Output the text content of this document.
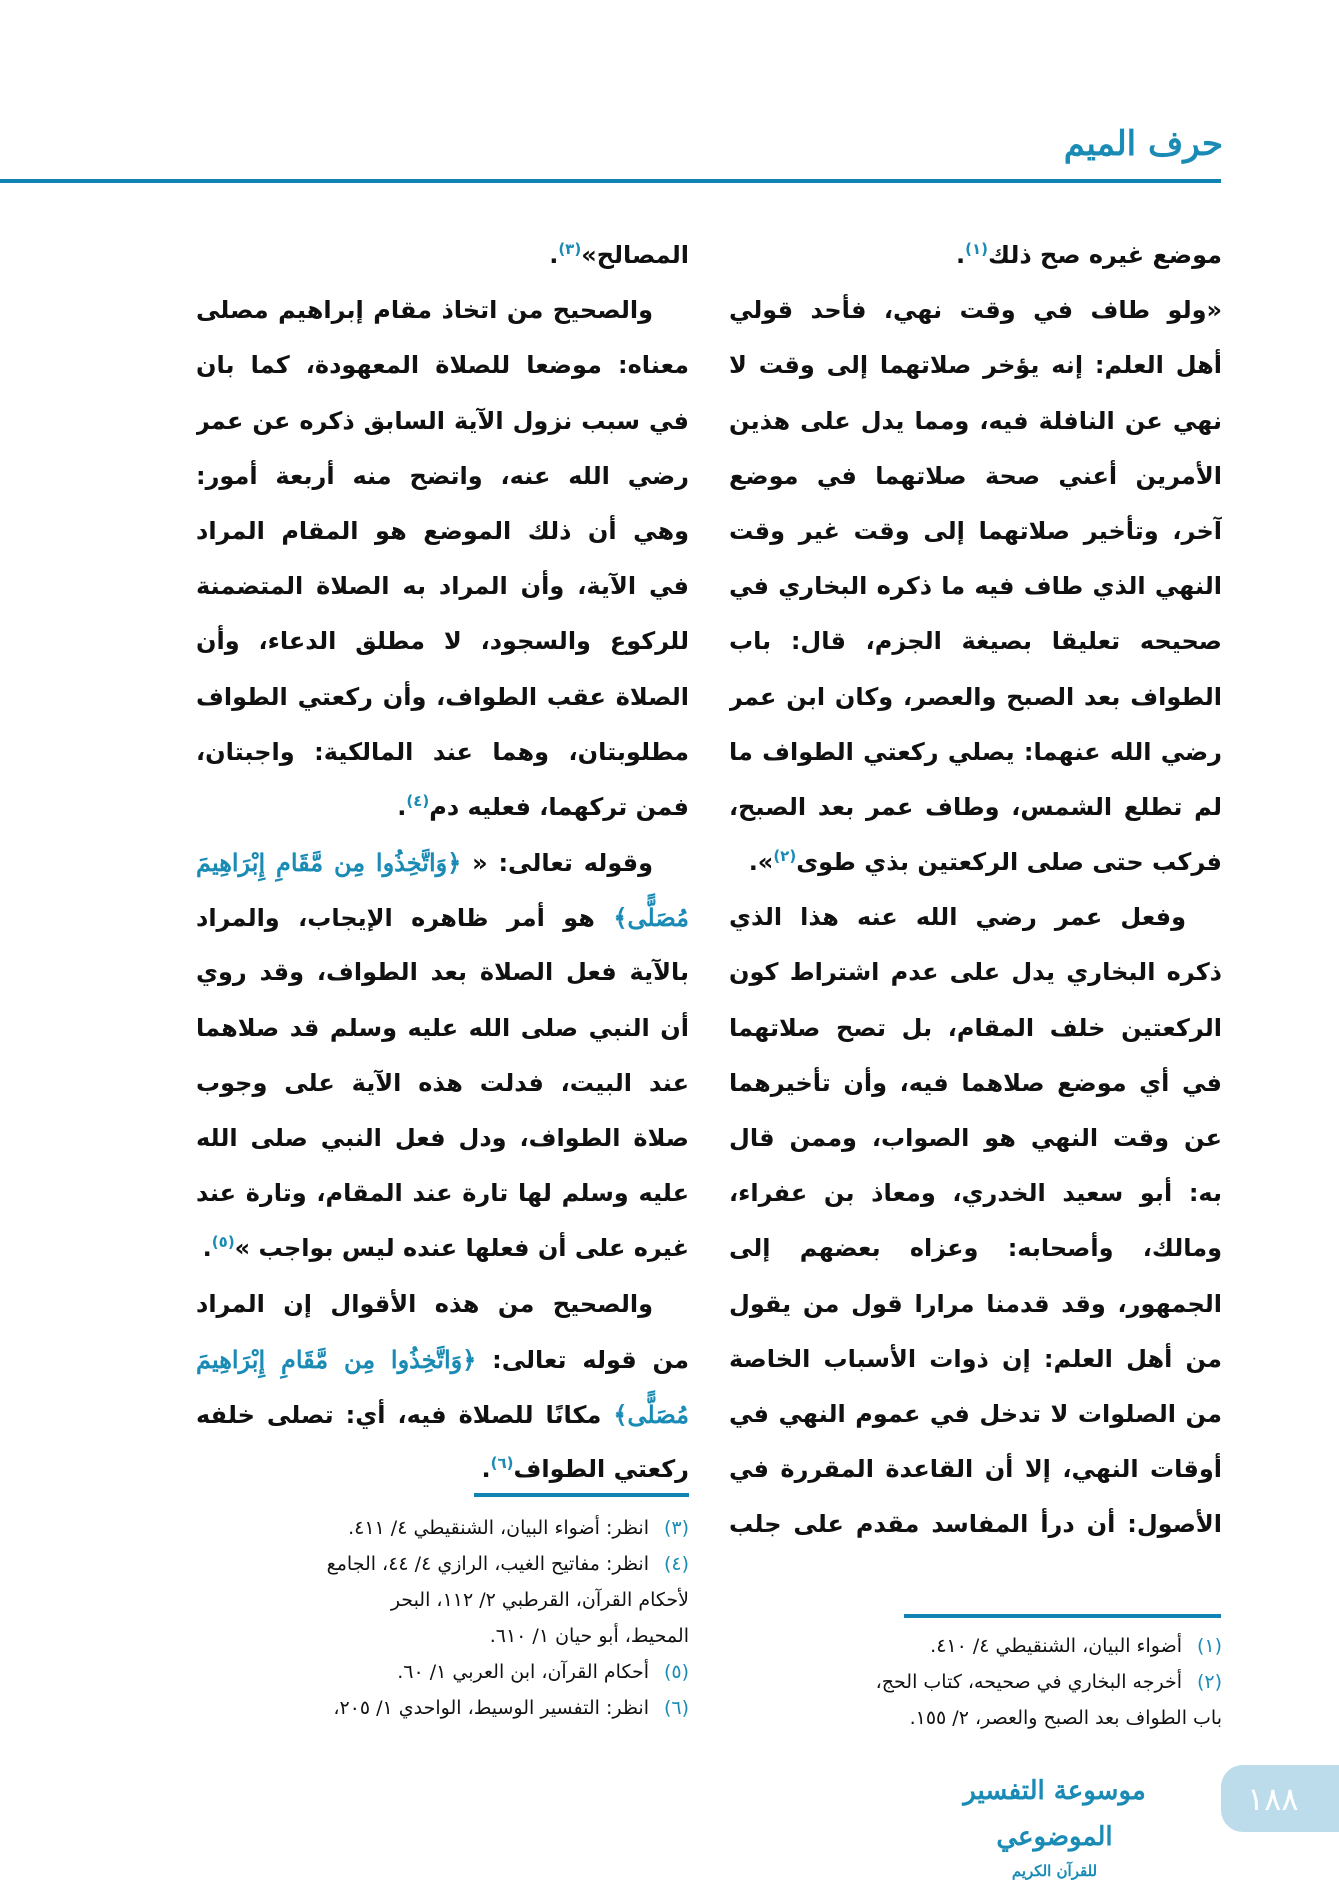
حرف الميم
موضع غيره صح ذلك$^{(١)}$.
«ولو طاف في وقت نهي، فأحد قولي
أهل العلم: إنه يؤخر صلاتهما إلى وقت لا
نهي عن النافلة فيه، ومما يدل على هذين
الأمرين أعني صحة صلاتهما في موضع
آخر، وتأخير صلاتهما إلى وقت غير وقت
النهي الذي طاف فيه ما ذكره البخاري في
صحيحه تعليقا بصيغة الجزم، قال: باب
الطواف بعد الصبح والعصر، وكان ابن عمر
رضي الله عنهما: يصلي ركعتي الطواف ما
لم تطلع الشمس، وطاف عمر بعد الصبح،
فركب حتى صلى الركعتين بذي طوى$^{(٢)}$».
وفعل عمر رضي الله عنه هذا الذي
ذكره البخاري يدل على عدم اشتراط كون
الركعتين خلف المقام، بل تصح صلاتهما
في أي موضع صلاهما فيه، وأن تأخيرهما
عن وقت النهي هو الصواب، وممن قال
به: أبو سعيد الخدري، ومعاذ بن عفراء،
ومالك، وأصحابه: وعزاه بعضهم إلى
الجمهور، وقد قدمنا مرارا قول من يقول
من أهل العلم: إن ذوات الأسباب الخاصة
من الصلوات لا تدخل في عموم النهي في
أوقات النهي، إلا أن القاعدة المقررة في
الأصول: أن درأ المفاسد مقدم على جلب
المصالح»$^{(٣)}$.
والصحيح من اتخاذ مقام إبراهيم مصلى
معناه: موضعا للصلاة المعهودة، كما بان
في سبب نزول الآية السابق ذكره عن عمر
رضي الله عنه، واتضح منه أربعة أمور:
وهي أن ذلك الموضع هو المقام المراد
في الآية، وأن المراد به الصلاة المتضمنة
للركوع والسجود، لا مطلق الدعاء، وأن
الصلاة عقب الطواف، وأن ركعتي الطواف
مطلوبتان، وهما عند المالكية: واجبتان،
فمن تركهما، فعليه دم$^{(٤)}$.
وقوله تعالى: « ﴿وَاتَّخِذُوا مِن مَّقَامِ إِبْرَاهِيمَ
مُصَلًّى﴾ هو أمر ظاهره الإيجاب، والمراد
بالآية فعل الصلاة بعد الطواف، وقد روي
أن النبي صلى الله عليه وسلم قد صلاهما
عند البيت، فدلت هذه الآية على وجوب
صلاة الطواف، ودل فعل النبي صلى الله
عليه وسلم لها تارة عند المقام، وتارة عند
غيره على أن فعلها عنده ليس بواجب »$^{(٥)}$.
والصحيح من هذه الأقوال إن المراد
من قوله تعالى: ﴿وَاتَّخِذُوا مِن مَّقَامِ إِبْرَاهِيمَ
مُصَلًّى﴾ مكانًا للصلاة فيه، أي: تصلى خلفه
ركعتي الطواف$^{(٦)}$.
(٣)انظر: أضواء البيان، الشنقيطي ٤/ ٤١١.
(٤)انظر: مفاتيح الغيب، الرازي ٤/ ٤٤، الجامع
لأحكام القرآن، القرطبي ٢/ ١١٢، البحر
المحيط، أبو حيان ١/ ٦١٠.
(٥)أحكام القرآن، ابن العربي ١/ ٦٠.
(٦)انظر: التفسير الوسيط، الواحدي ١/ ٢٠٥،
(١)أضواء البيان، الشنقيطي ٤/ ٤١٠.
(٢)أخرجه البخاري في صحيحه، كتاب الحج،
باب الطواف بعد الصبح والعصر، ٢/ ١٥٥.
موسوعة التفسير الموضوعي
للقرآن الكريم
١٨٨
